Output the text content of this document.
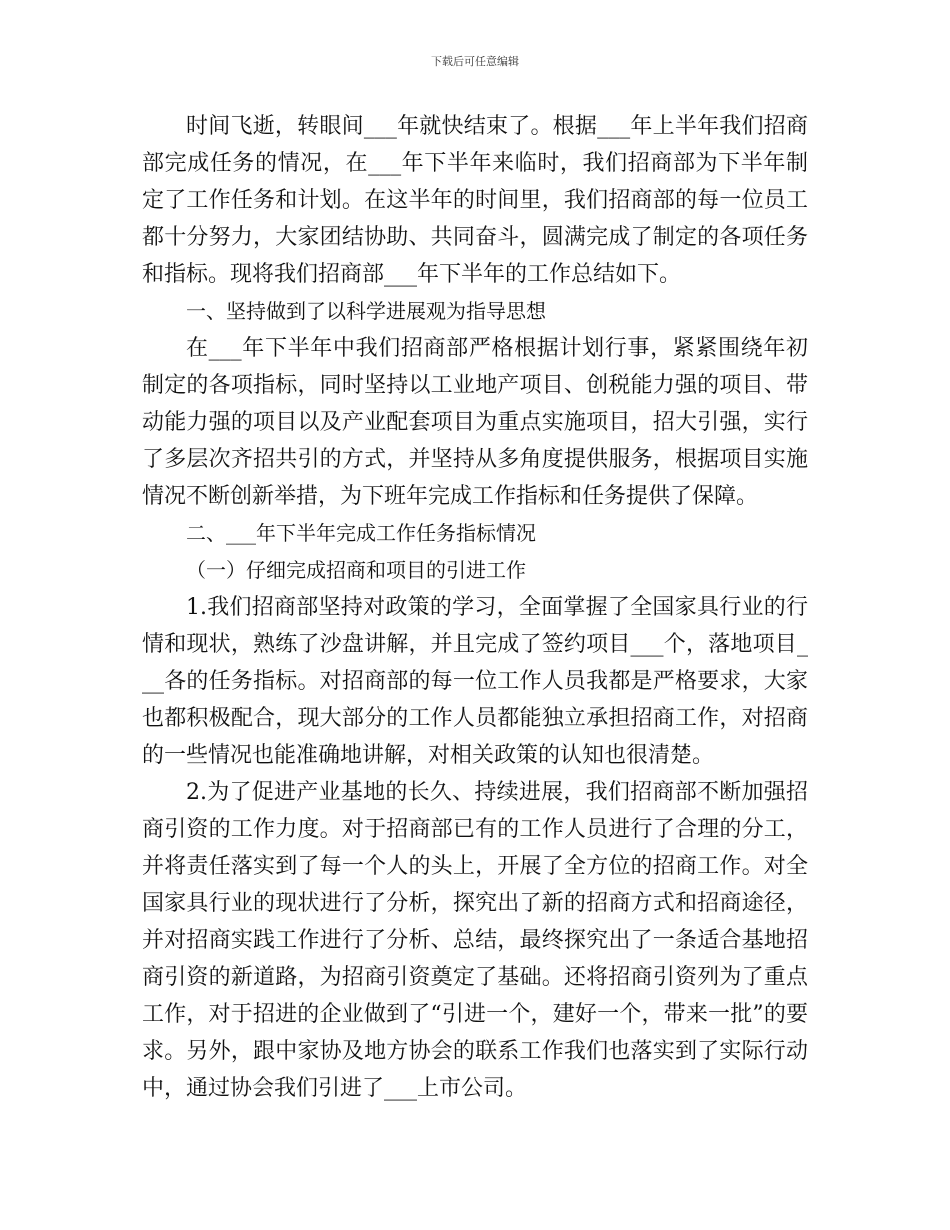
下载后可任意编辑

时间飞逝，转眼间___年就快结束了。根据___年上半年我们招商部完成任务的情况，在___年下半年来临时，我们招商部为下半年制定了工作任务和计划。在这半年的时间里，我们招商部的每一位员工都十分努力，大家团结协助、共同奋斗，圆满完成了制定的各项任务和指标。现将我们招商部___年下半年的工作总结如下。

一、坚持做到了以科学进展观为指导思想

在___年下半年中我们招商部严格根据计划行事，紧紧围绕年初制定的各项指标，同时坚持以工业地产项目、创税能力强的项目、带动能力强的项目以及产业配套项目为重点实施项目，招大引强，实行了多层次齐招共引的方式，并坚持从多角度提供服务，根据项目实施情况不断创新举措，为下班年完成工作指标和任务提供了保障。

二、___年下半年完成工作任务指标情况

（一）仔细完成招商和项目的引进工作

1.我们招商部坚持对政策的学习，全面掌握了全国家具行业的行情和现状，熟练了沙盘讲解，并且完成了签约项目___个，落地项目___各的任务指标。对招商部的每一位工作人员我都是严格要求，大家也都积极配合，现大部分的工作人员都能独立承担招商工作，对招商的一些情况也能准确地讲解，对相关政策的认知也很清楚。

2.为了促进产业基地的长久、持续进展，我们招商部不断加强招商引资的工作力度。对于招商部已有的工作人员进行了合理的分工，并将责任落实到了每一个人的头上，开展了全方位的招商工作。对全国家具行业的现状进行了分析，探究出了新的招商方式和招商途径，并对招商实践工作进行了分析、总结，最终探究出了一条适合基地招商引资的新道路，为招商引资奠定了基础。还将招商引资列为了重点工作，对于招进的企业做到了“引进一个，建好一个，带来一批”的要求。另外，跟中家协及地方协会的联系工作我们也落实到了实际行动中，通过协会我们引进了___上市公司。
